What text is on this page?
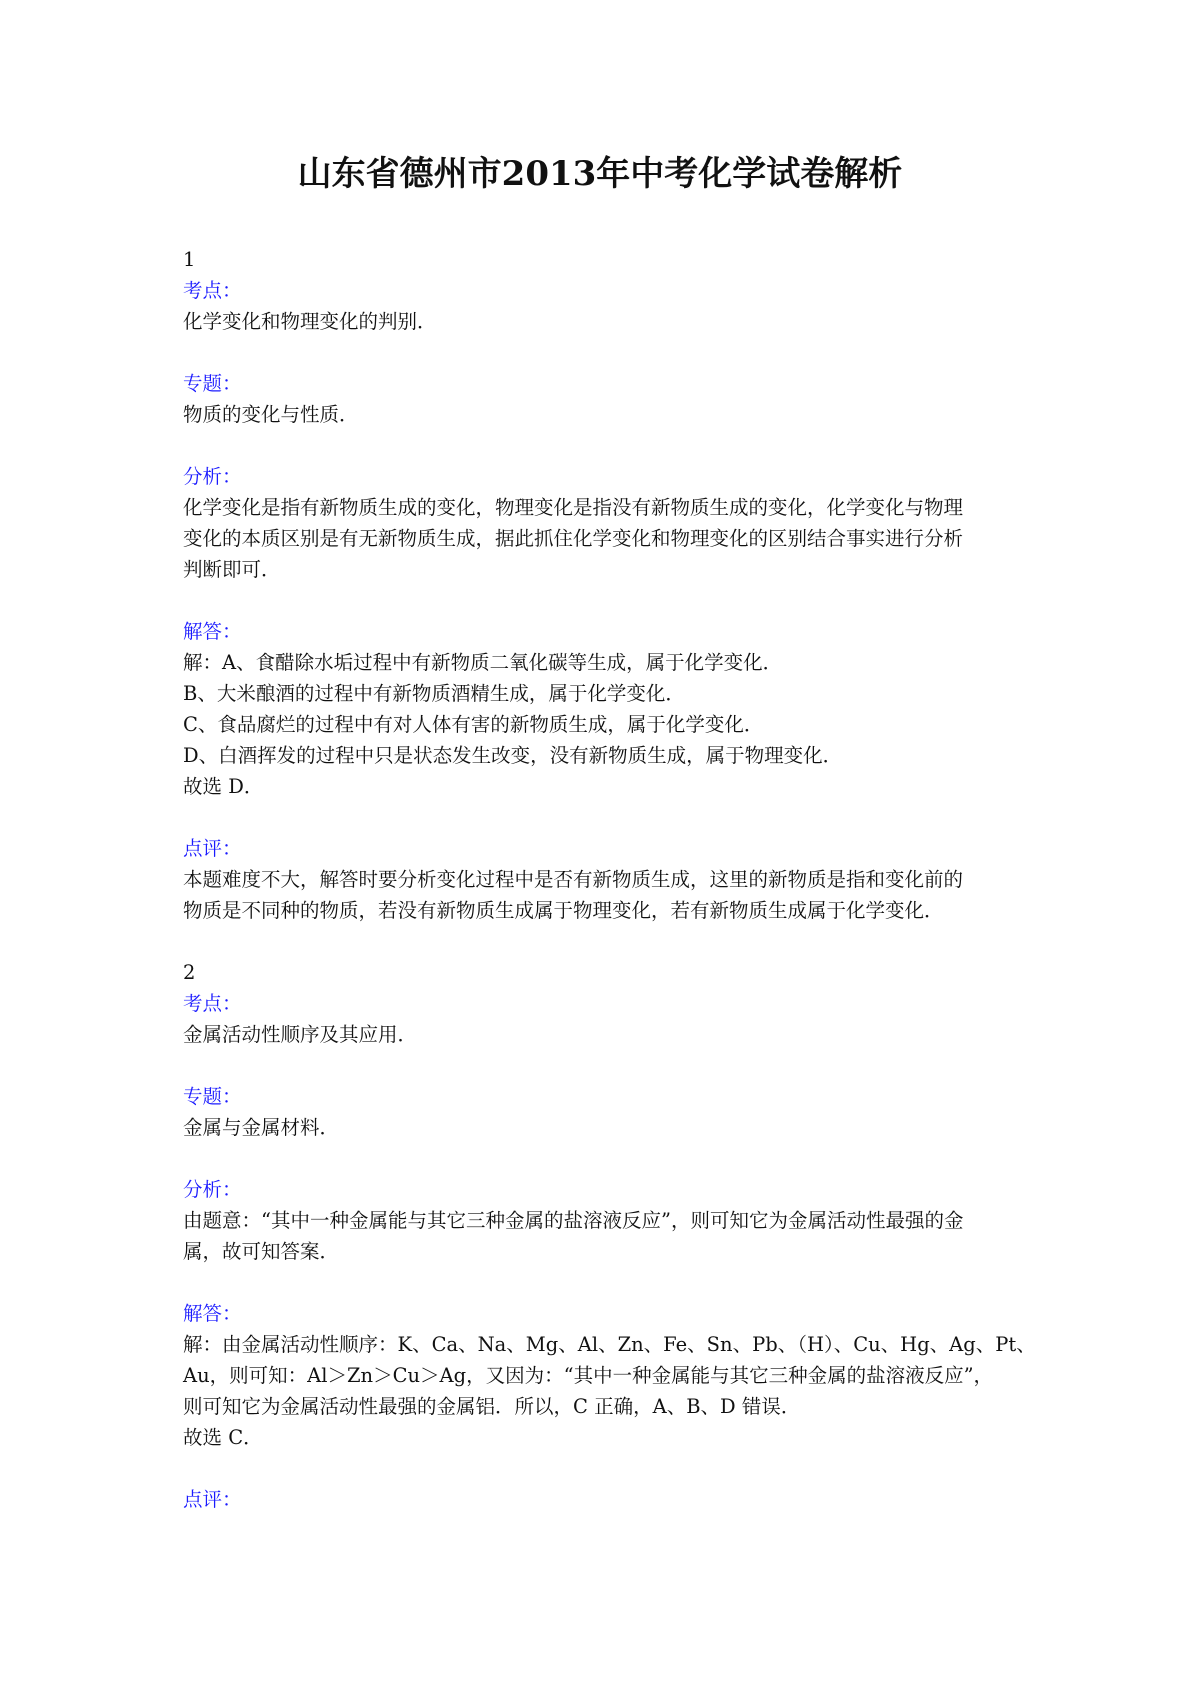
山东省德州市2013年中考化学试卷解析

1

考点：

化学变化和物理变化的判别．

专题：

物质的变化与性质．

分析：

化学变化是指有新物质生成的变化，物理变化是指没有新物质生成的变化，化学变化与物理

变化的本质区别是有无新物质生成，据此抓住化学变化和物理变化的区别结合事实进行分析

判断即可．

解答：

解：A、食醋除水垢过程中有新物质二氧化碳等生成，属于化学变化．

B、大米酿酒的过程中有新物质酒精生成，属于化学变化．

C、食品腐烂的过程中有对人体有害的新物质生成，属于化学变化．

D、白酒挥发的过程中只是状态发生改变，没有新物质生成，属于物理变化．

故选 D．

点评：

本题难度不大，解答时要分析变化过程中是否有新物质生成，这里的新物质是指和变化前的

物质是不同种的物质，若没有新物质生成属于物理变化，若有新物质生成属于化学变化．

2

考点：

金属活动性顺序及其应用．

专题：

金属与金属材料．

分析：

由题意：“其中一种金属能与其它三种金属的盐溶液反应”，则可知它为金属活动性最强的金

属，故可知答案．

解答：

解：由金属活动性顺序：K、Ca、Na、Mg、Al、Zn、Fe、Sn、Pb、（H）、Cu、Hg、Ag、Pt、

Au，则可知：Al＞Zn＞Cu＞Ag，又因为：“其中一种金属能与其它三种金属的盐溶液反应”，

则可知它为金属活动性最强的金属铝．所以，C 正确，A、B、D 错误．

故选 C．

点评：
